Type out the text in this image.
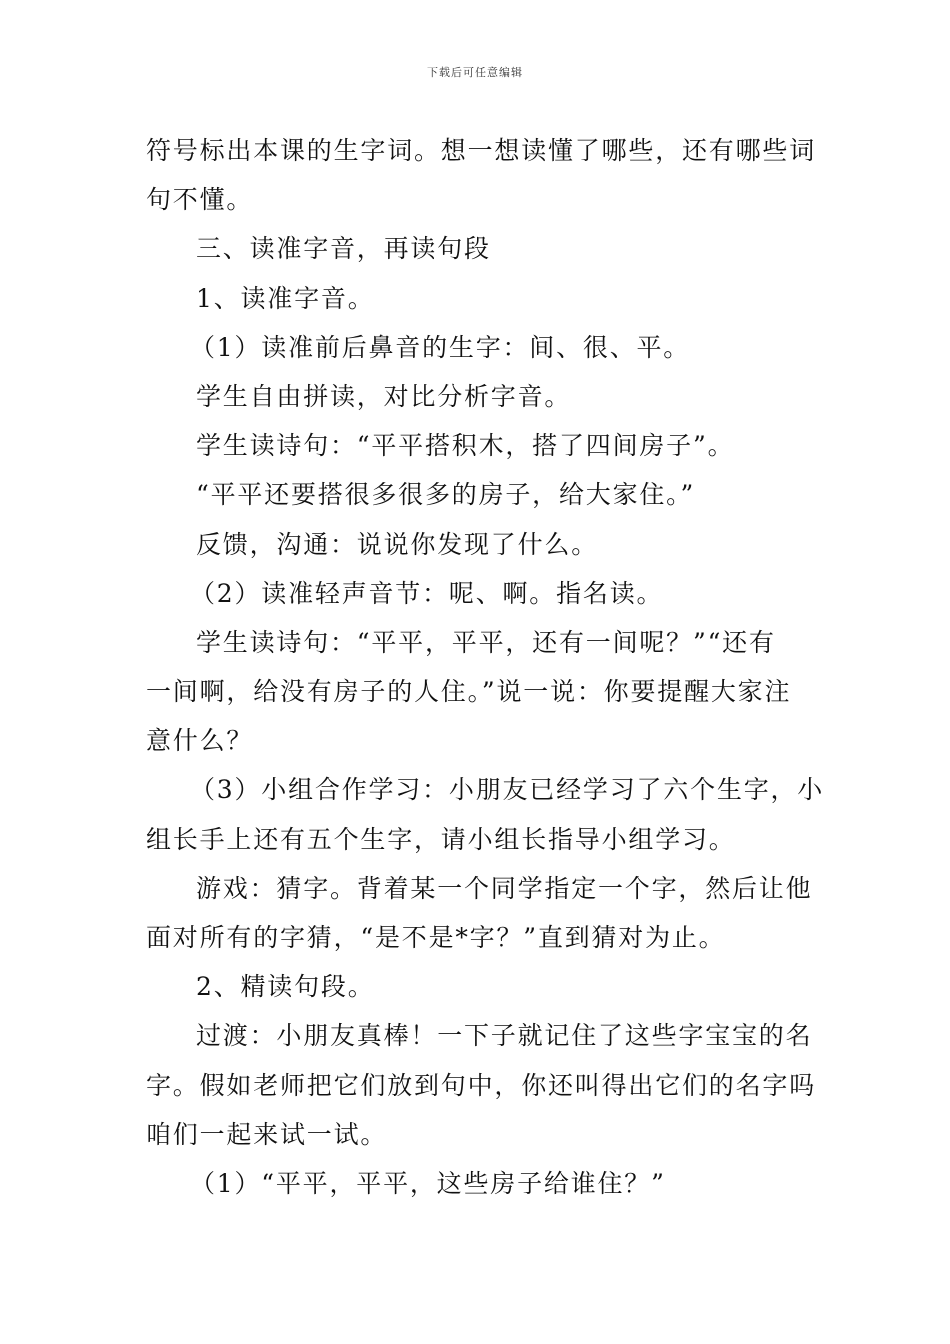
下载后可任意编辑
符号标出本课的生字词。想一想读懂了哪些，还有哪些词
句不懂。
三、读准字音，再读句段
1、读准字音。
（1）读准前后鼻音的生字：间、很、平。
学生自由拼读，对比分析字音。
学生读诗句：“平平搭积木，搭了四间房子”。
“平平还要搭很多很多的房子，给大家住。”
反馈，沟通：说说你发现了什么。
（2）读准轻声音节：呢、啊。指名读。
学生读诗句：“平平，平平，还有一间呢？”“还有
一间啊，给没有房子的人住。”说一说：你要提醒大家注
意什么？
（3）小组合作学习：小朋友已经学习了六个生字，小
组长手上还有五个生字，请小组长指导小组学习。
游戏：猜字。背着某一个同学指定一个字，然后让他
面对所有的字猜，“是不是*字？”直到猜对为止。
2、精读句段。
过渡：小朋友真棒！一下子就记住了这些字宝宝的名
字。假如老师把它们放到句中，你还叫得出它们的名字吗
咱们一起来试一试。
（1）“平平，平平，这些房子给谁住？”
